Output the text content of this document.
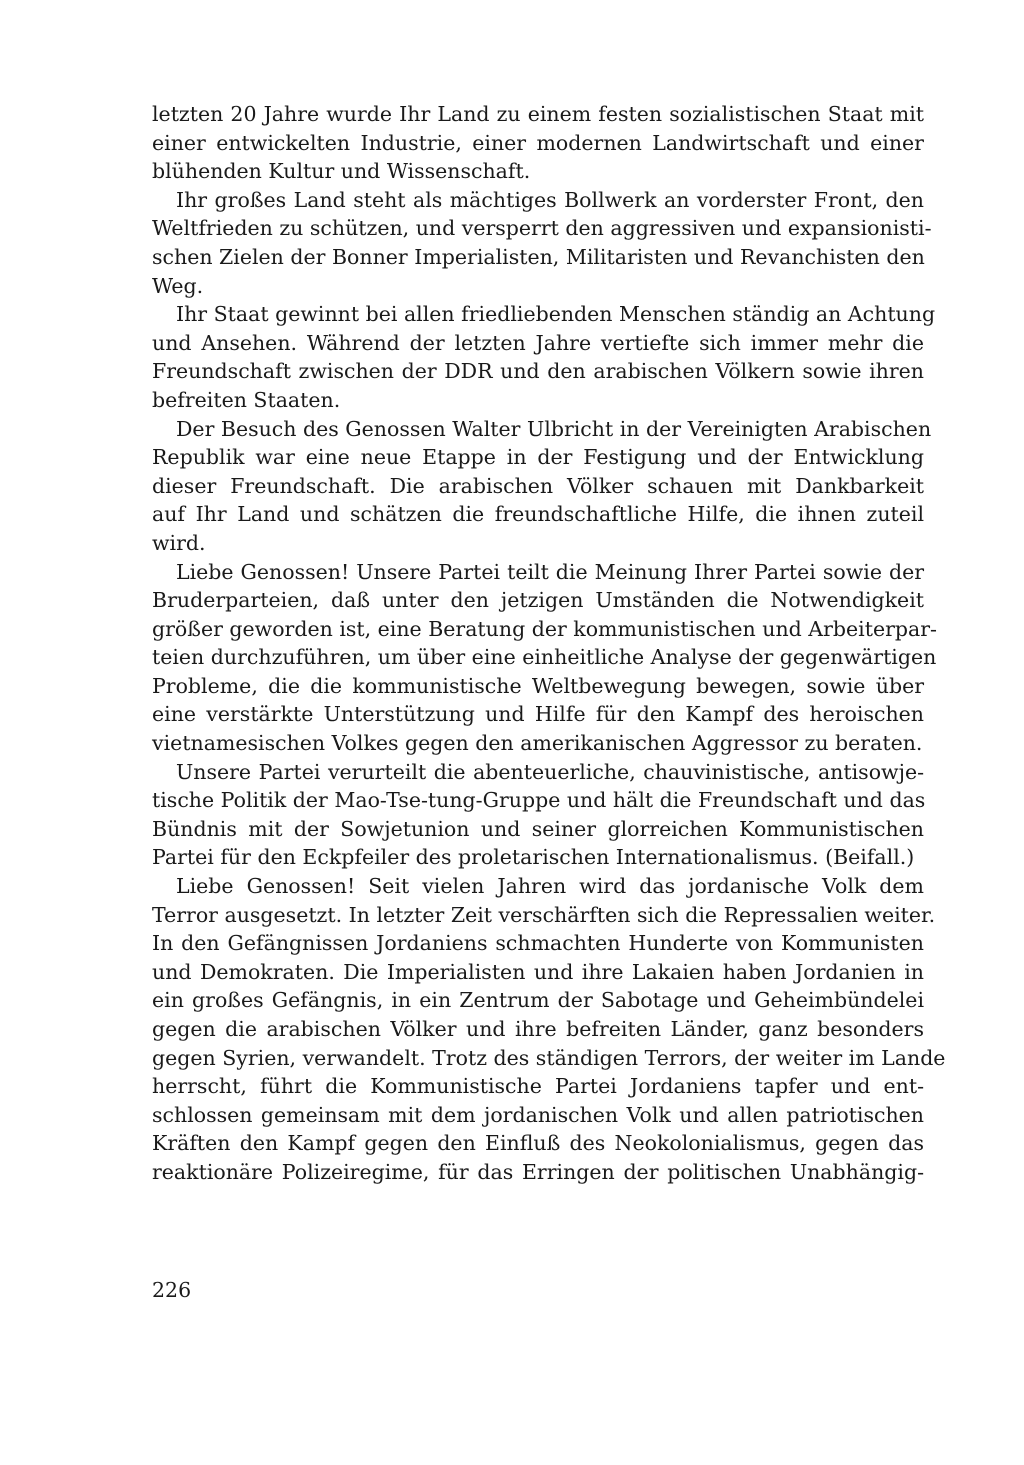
letzten 20 Jahre wurde Ihr Land zu einem festen sozialistischen Staat mit
einer entwickelten Industrie, einer modernen Landwirtschaft und einer
blühenden Kultur und Wissenschaft.
Ihr großes Land steht als mächtiges Bollwerk an vorderster Front, den
Weltfrieden zu schützen, und versperrt den aggressiven und expansionisti-
schen Zielen der Bonner Imperialisten, Militaristen und Revanchisten den
Weg.
Ihr Staat gewinnt bei allen friedliebenden Menschen ständig an Achtung
und Ansehen. Während der letzten Jahre vertiefte sich immer mehr die
Freundschaft zwischen der DDR und den arabischen Völkern sowie ihren
befreiten Staaten.
Der Besuch des Genossen Walter Ulbricht in der Vereinigten Arabischen
Republik war eine neue Etappe in der Festigung und der Entwicklung
dieser Freundschaft. Die arabischen Völker schauen mit Dankbarkeit
auf Ihr Land und schätzen die freundschaftliche Hilfe, die ihnen zuteil
wird.
Liebe Genossen! Unsere Partei teilt die Meinung Ihrer Partei sowie der
Bruderparteien, daß unter den jetzigen Umständen die Notwendigkeit
größer geworden ist, eine Beratung der kommunistischen und Arbeiterpar-
teien durchzuführen, um über eine einheitliche Analyse der gegenwärtigen
Probleme, die die kommunistische Weltbewegung bewegen, sowie über
eine verstärkte Unterstützung und Hilfe für den Kampf des heroischen
vietnamesischen Volkes gegen den amerikanischen Aggressor zu beraten.
Unsere Partei verurteilt die abenteuerliche, chauvinistische, antisowje-
tische Politik der Mao-Tse-tung-Gruppe und hält die Freundschaft und das
Bündnis mit der Sowjetunion und seiner glorreichen Kommunistischen
Partei für den Eckpfeiler des proletarischen Internationalismus. (Beifall.)
Liebe Genossen! Seit vielen Jahren wird das jordanische Volk dem
Terror ausgesetzt. In letzter Zeit verschärften sich die Repressalien weiter.
In den Gefängnissen Jordaniens schmachten Hunderte von Kommunisten
und Demokraten. Die Imperialisten und ihre Lakaien haben Jordanien in
ein großes Gefängnis, in ein Zentrum der Sabotage und Geheimbündelei
gegen die arabischen Völker und ihre befreiten Länder, ganz besonders
gegen Syrien, verwandelt. Trotz des ständigen Terrors, der weiter im Lande
herrscht, führt die Kommunistische Partei Jordaniens tapfer und ent-
schlossen gemeinsam mit dem jordanischen Volk und allen patriotischen
Kräften den Kampf gegen den Einfluß des Neokolonialismus, gegen das
reaktionäre Polizeiregime, für das Erringen der politischen Unabhängig-
226
